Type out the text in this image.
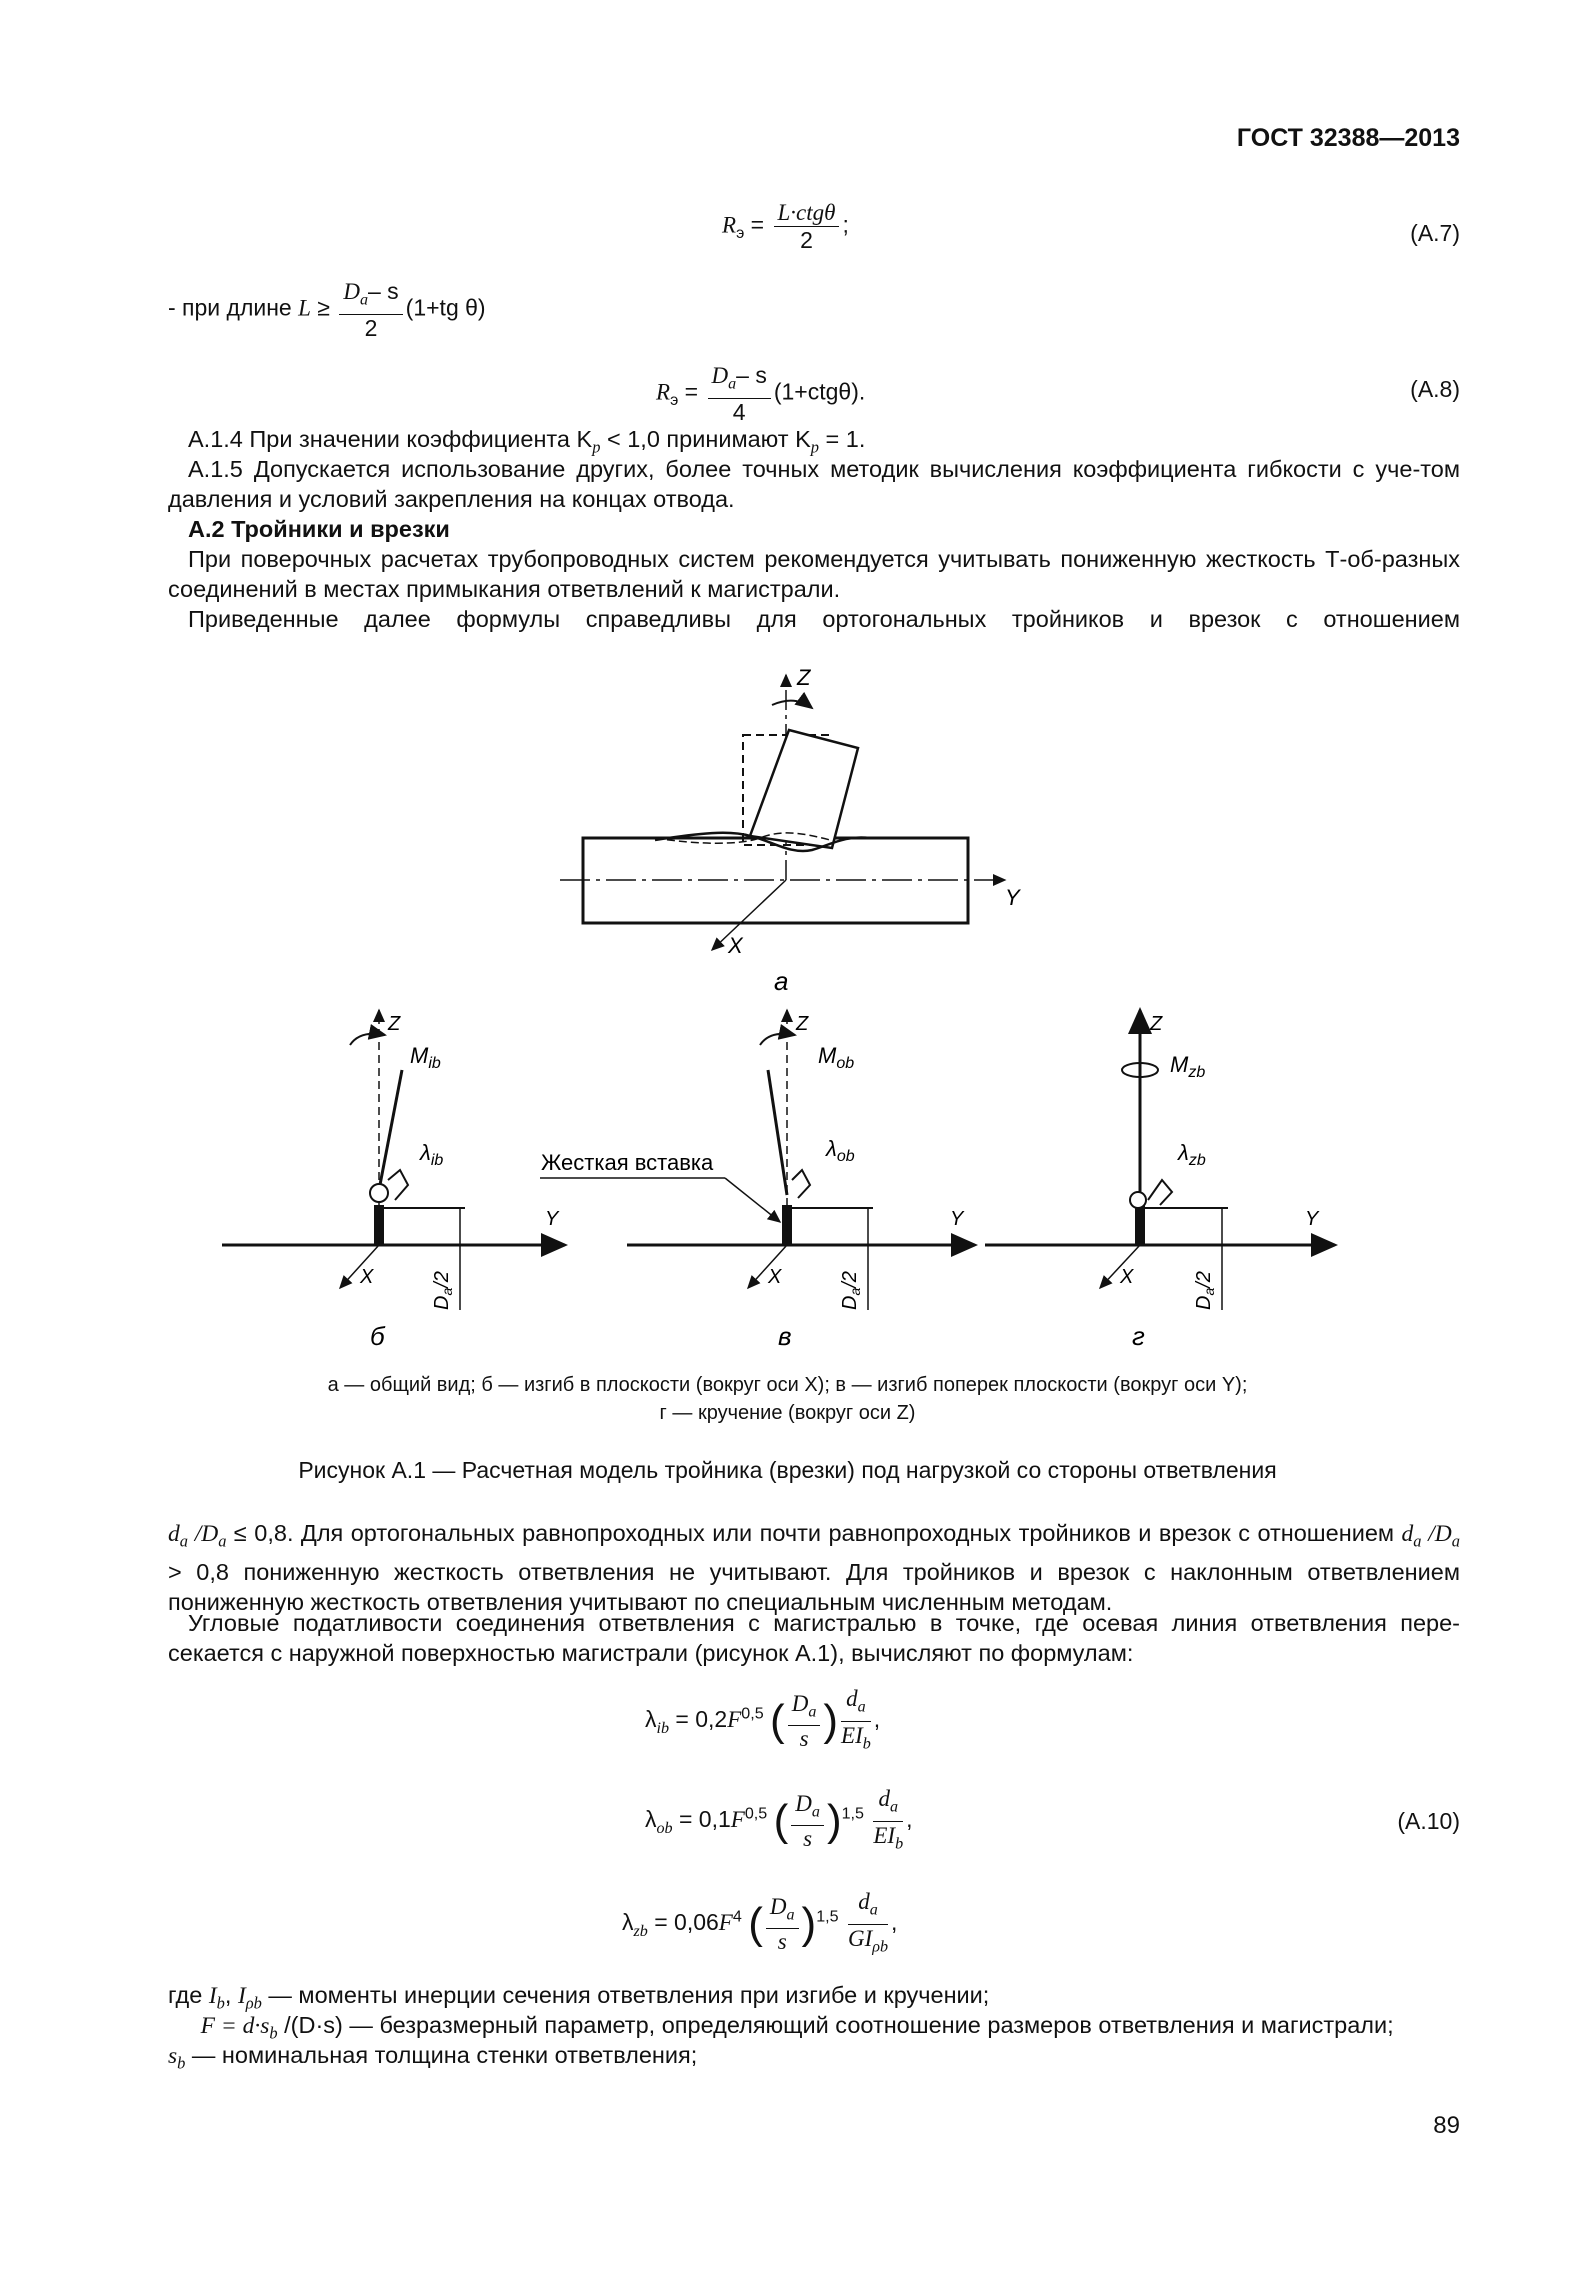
ГОСТ 32388—2013
$R_э = \frac{\text{L·ctgθ}}{2}$ ;	(А.7)
- при длине $L \ge \frac{D_a- s}{2} (1+tg$ θ)
$R_э = \frac{D_a- s}{4} (1+ctg\theta)$.	(А.8)
А.1.4 При значении коэффициента $K_p < 1,0$ принимают $K_p = 1$.
А.1.5 Допускается использование других, более точных методик вычисления коэффициента гибкости с уче-том давления и условий закрепления на концах отвода.
А.2 Тройники и врезки
При поверочных расчетах трубопроводных систем рекомендуется учитывать пониженную жесткость Т-об-разных соединений в местах примыкания ответвлений к магистрали.
Приведенные далее формулы справедливы для ортогональных тройников и врезок с отношением
Z
Y
X
а
Z
$M_{ib}$
$\lambda_{ib}$
Y
X
$D_a/2$
б
Жесткая вставка
Z
$M_{ob}$
$\lambda_{ob}$
Y
X
$D_a/2$
в
Z
$M_{zb}$
$\lambda_{zb}$
Y
X
$D_a/2$
г
а — общий вид; б — изгиб в плоскости (вокруг оси X); в — изгиб поперек плоскости (вокруг оси Y);
г — кручение (вокруг оси Z)
Рисунок А.1 — Расчетная модель тройника (врезки) под нагрузкой со стороны ответвления
$d_a$ $/D_a \le 0,8$. Для ортогональных равнопроходных или почти равнопроходных тройников и врезок с отношением $d_a$ $/D_a > 0,8$ пониженную жесткость ответвления не учитывают. Для тройников и врезок с наклонным ответвлением пониженную жесткость ответвления учитывают по специальным численным методам.
Угловые податливости соединения ответвления с магистралью в точке, где осевая линия ответвления пере-секается с наружной поверхностью магистрали (рисунок А.1), вычисляют по формулам:
$\lambda_{ib} = 0,2F^{0,5}$ ( $\frac{D_a}{s}$ ) $\frac{d_a}{EI_b}$ ,
$\lambda_{ob} = 0,1F^{0,5}$ ( $\frac{D_a}{s} )^{1,5} \frac{d_a}{EI_b}$ ,	(А.10)
$\lambda_{zb} = 0,06F^4$ ( $\frac{D_a}{s} )^{1,5} \frac{d_a}{GI_{\rho b}}$ ,
где $I_b$, $I_{\rho b}$ — моменты инерции сечения ответвления при изгибе и кручении;
$F = d\cdot s_b$ /(D·s) — безразмерный параметр, определяющий соотношение размеров ответвления и магистрали;
$s_b$ — номинальная толщина стенки ответвления;
89
